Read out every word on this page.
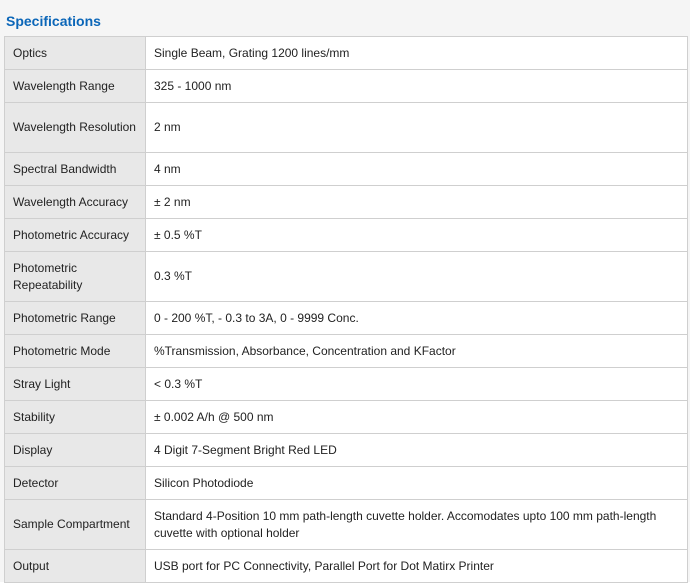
Specifications
Optics	Single Beam, Grating 1200 lines/mm
Wavelength Range	325 - 1000 nm
Wavelength Resolution	2 nm
Spectral Bandwidth	4 nm
Wavelength Accuracy	± 2 nm
Photometric Accuracy	± 0.5 %T
Photometric Repeatability	0.3 %T
Photometric Range	0 - 200 %T, - 0.3 to 3A, 0 - 9999 Conc.
Photometric Mode	%Transmission, Absorbance, Concentration and KFactor
Stray Light	< 0.3 %T
Stability	± 0.002 A/h @ 500 nm
Display	4 Digit 7-Segment Bright Red LED
Detector	Silicon Photodiode
Sample Compartment	Standard 4-Position 10 mm path-length cuvette holder. Accomodates upto 100 mm path-length cuvette with optional holder
Output	USB port for PC Connectivity, Parallel Port for Dot Matirx Printer
